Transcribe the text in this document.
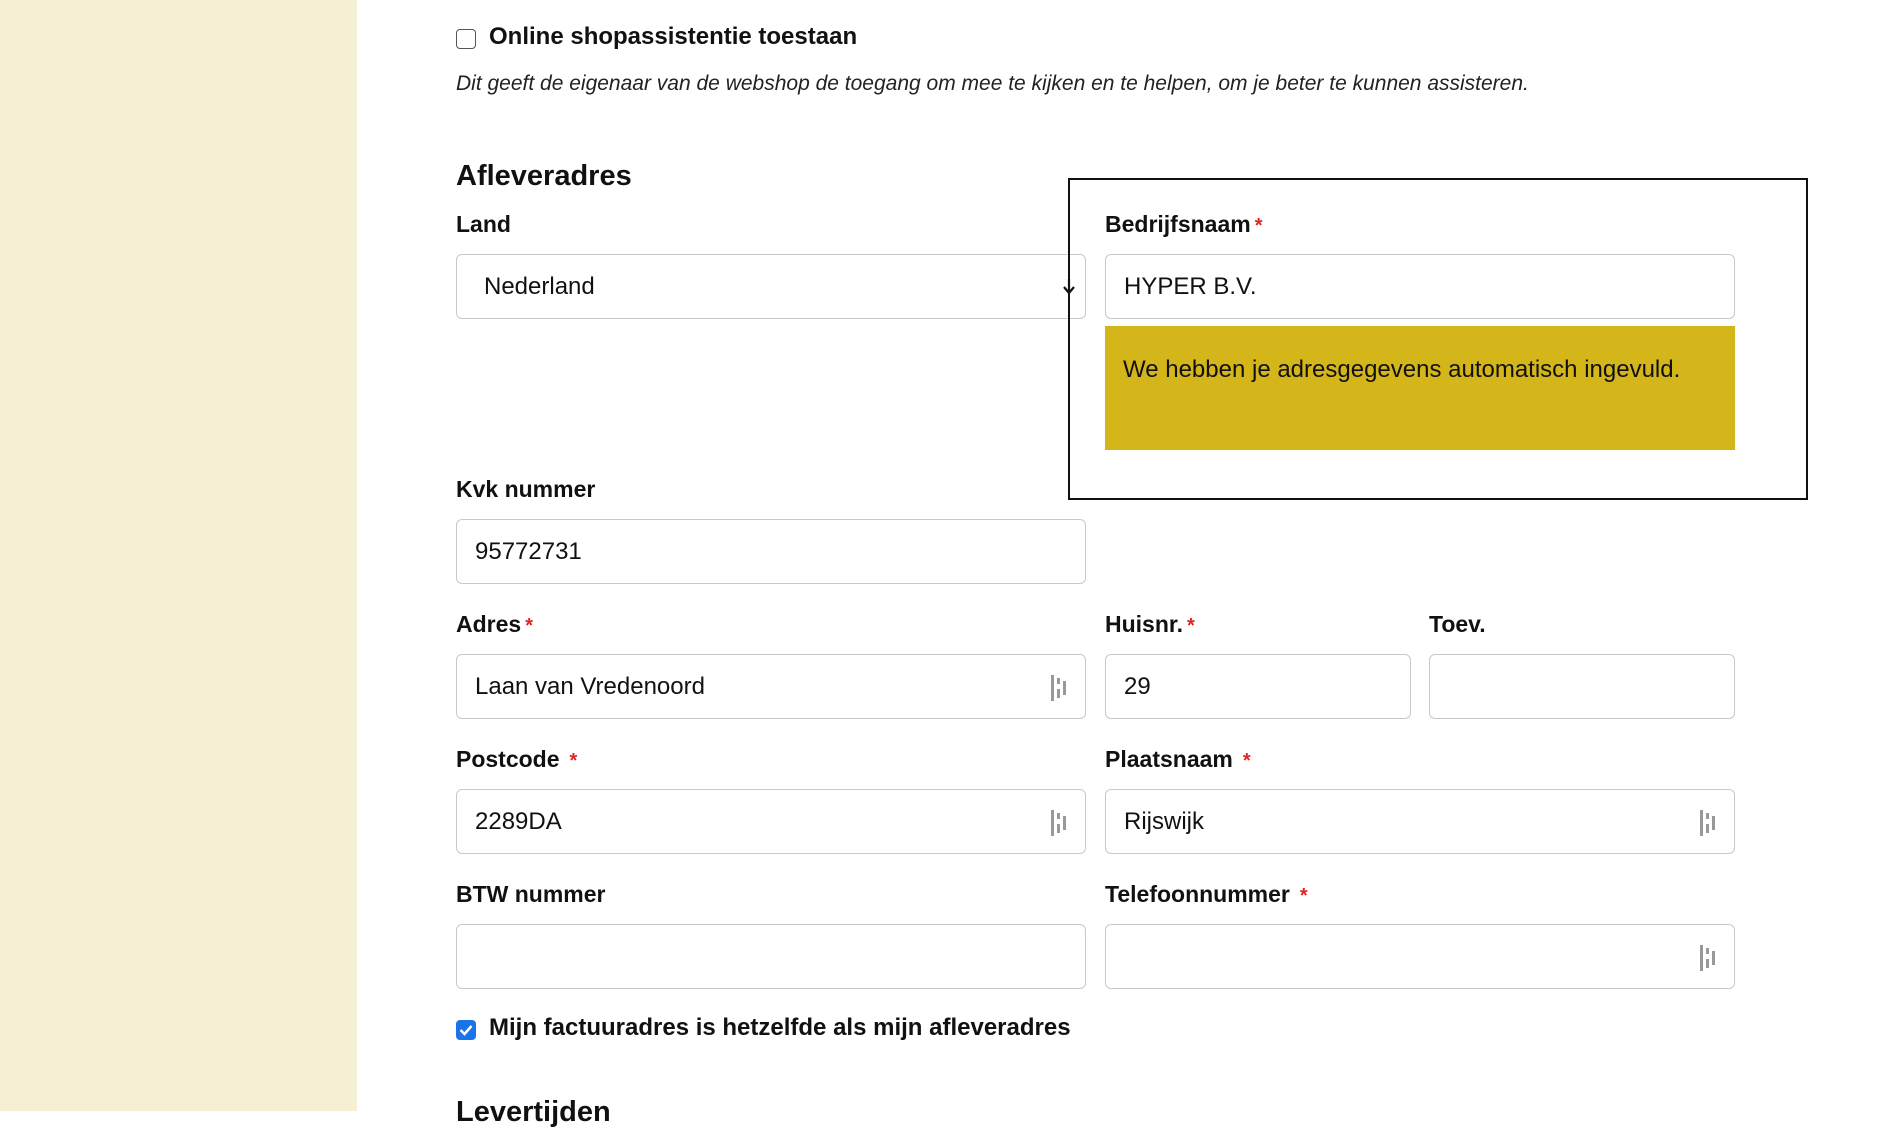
Online shopassistentie toestaan
Dit geeft de eigenaar van de webshop de toegang om mee te kijken en te helpen, om je beter te kunnen assisteren.
Afleveradres
Land
Nederland
Bedrijfsnaam *
HYPER B.V.
We hebben je adresgegevens automatisch ingevuld.
Kvk nummer
95772731
Adres *
Laan van Vredenoord
Huisnr. *
29
Toev.
Postcode *
2289DA
Plaatsnaam *
Rijswijk
BTW nummer	Telefoonnummer *
Mijn factuuradres is hetzelfde als mijn afleveradres
Levertijden
